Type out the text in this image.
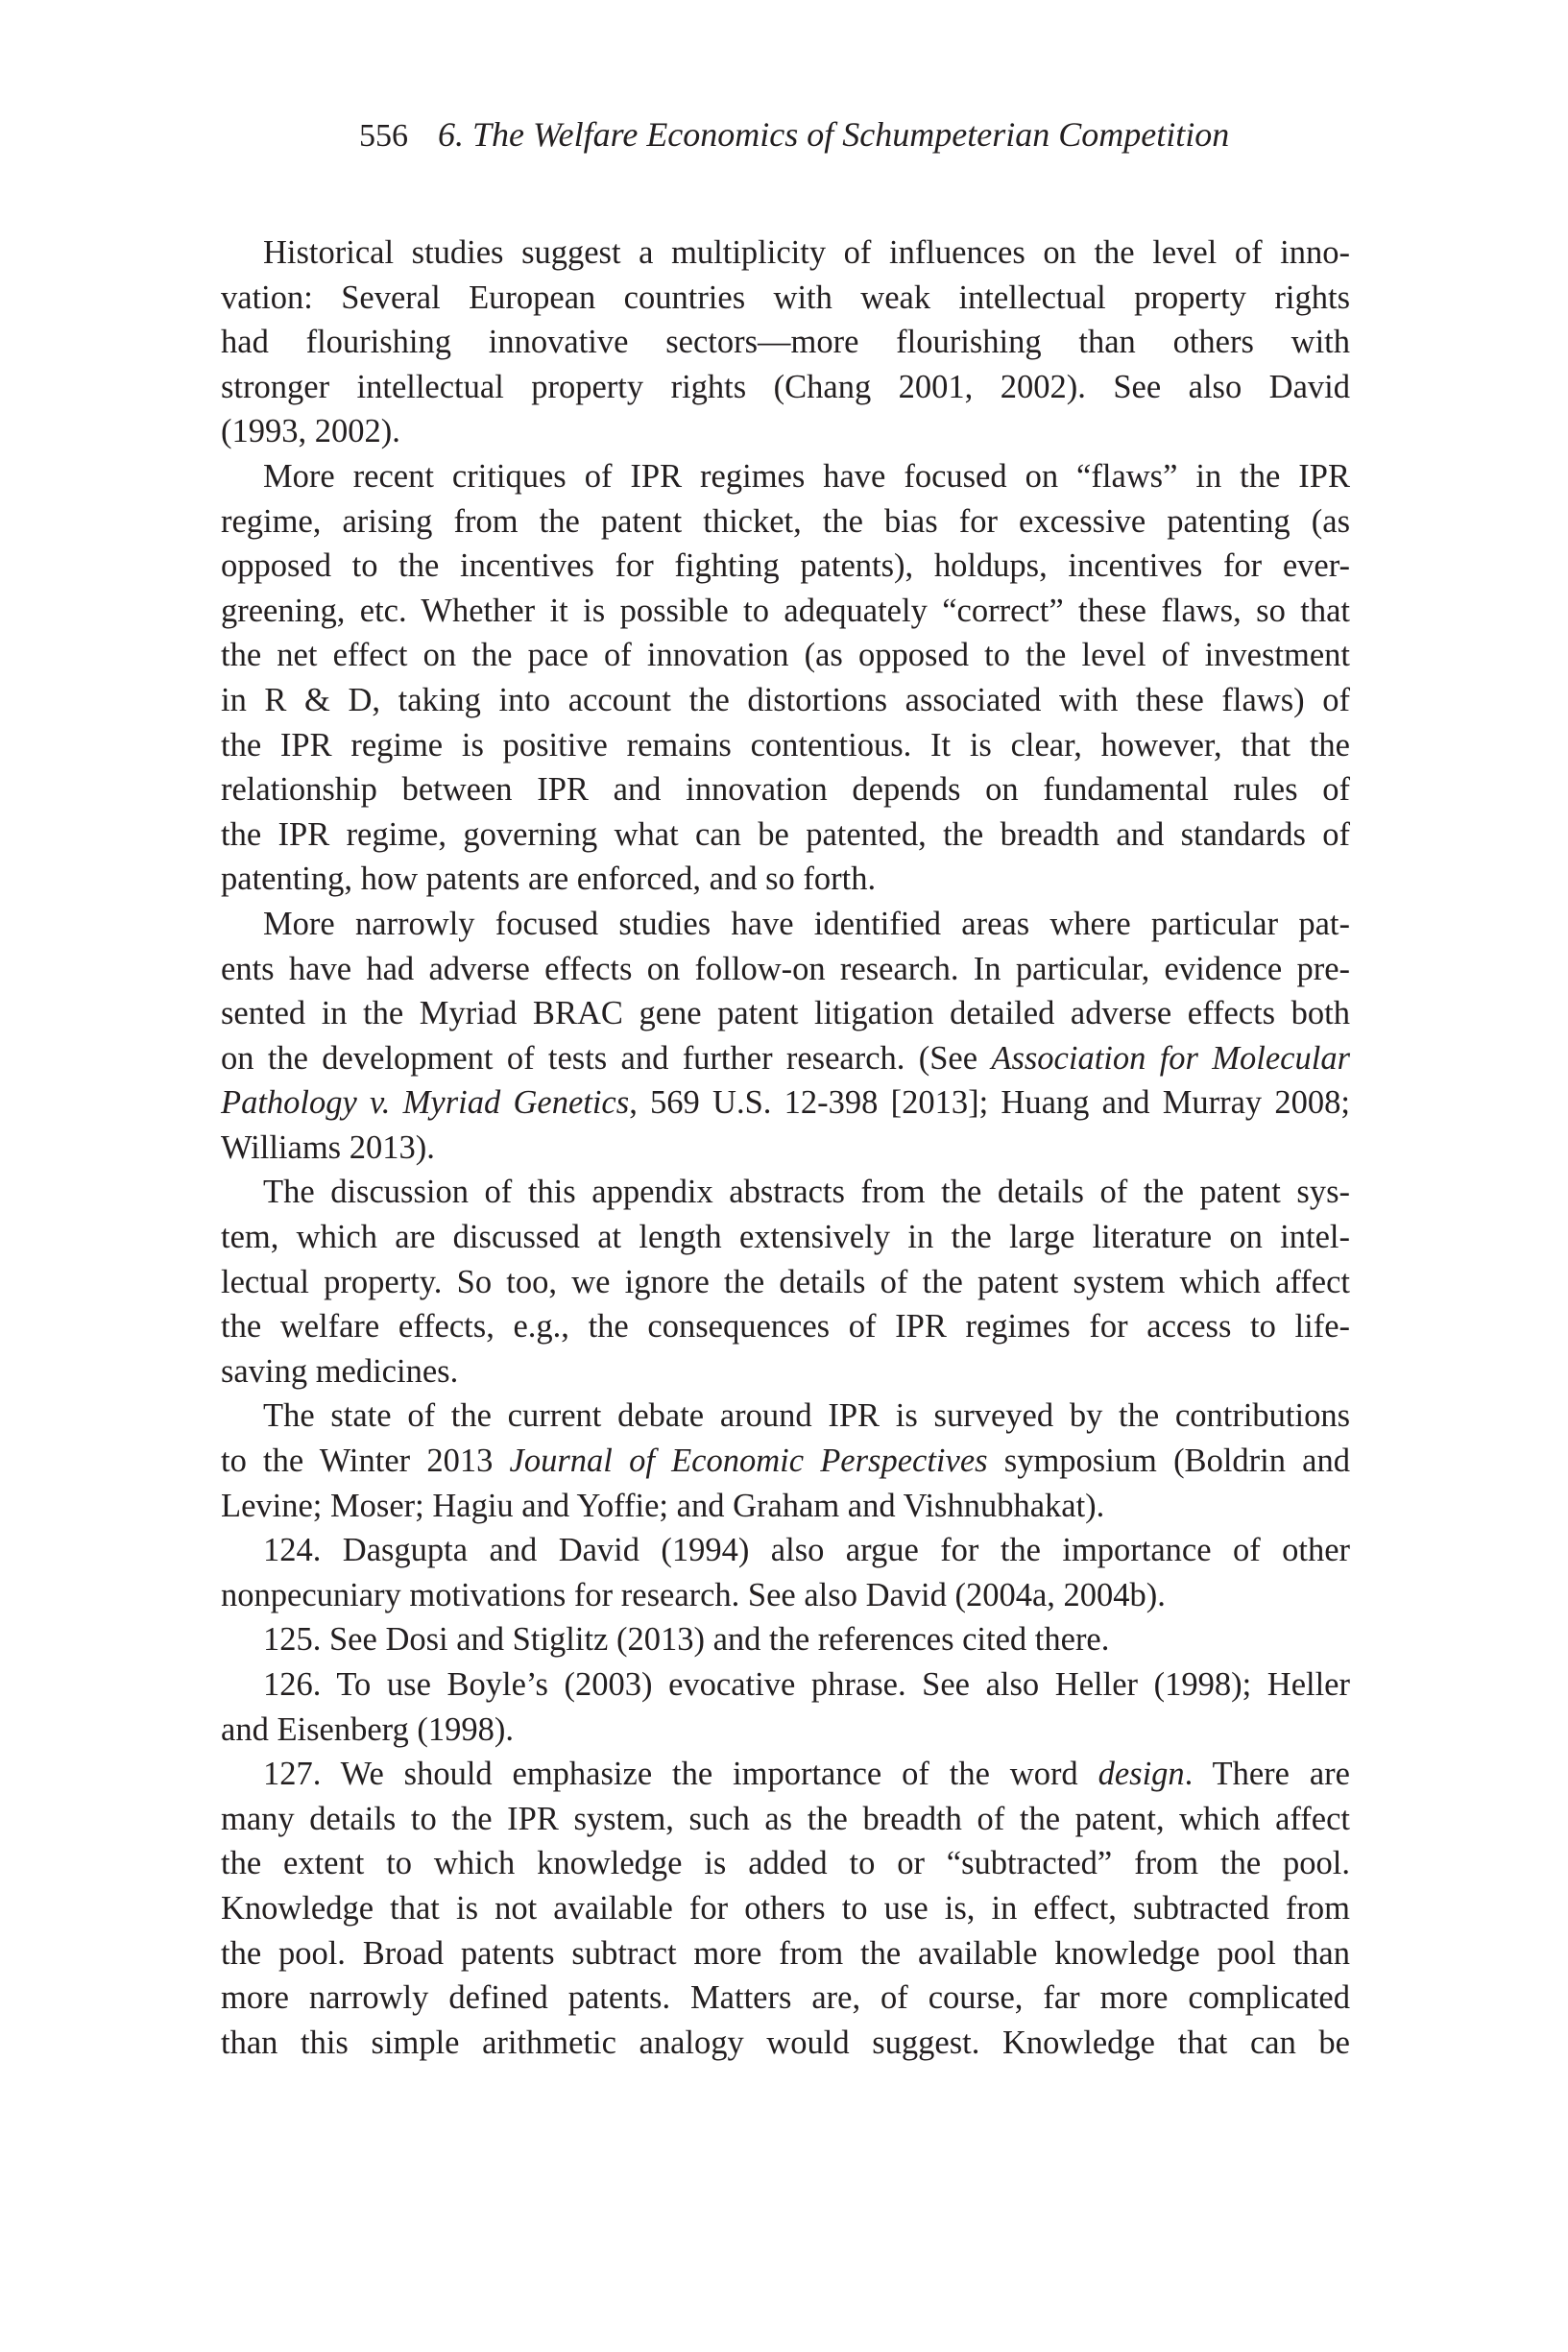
556 6. The Welfare Economics of Schumpeterian Competition

Historical studies suggest a multiplicity of influences on the level of inno-
vation: Several European countries with weak intellectual property rights
had flourishing innovative sectors—more flourishing than others with
stronger intellectual property rights (Chang 2001, 2002). See also David
(1993, 2002).

More recent critiques of IPR regimes have focused on “flaws” in the IPR
regime, arising from the patent thicket, the bias for excessive patenting (as
opposed to the incentives for fighting patents), holdups, incentives for ever-
greening, etc. Whether it is possible to adequately “correct” these flaws, so that
the net effect on the pace of innovation (as opposed to the level of investment
in R & D, taking into account the distortions associated with these flaws) of
the IPR regime is positive remains contentious. It is clear, however, that the
relationship between IPR and innovation depends on fundamental rules of
the IPR regime, governing what can be patented, the breadth and standards of
patenting, how patents are enforced, and so forth.

More narrowly focused studies have identified areas where particular pat-
ents have had adverse effects on follow-on research. In particular, evidence pre-
sented in the Myriad BRAC gene patent litigation detailed adverse effects both
on the development of tests and further research. (See Association for Molecular
Pathology v. Myriad Genetics, 569 U.S. 12-398 [2013]; Huang and Murray 2008;
Williams 2013).

The discussion of this appendix abstracts from the details of the patent sys-
tem, which are discussed at length extensively in the large literature on intel-
lectual property. So too, we ignore the details of the patent system which affect
the welfare effects, e.g., the consequences of IPR regimes for access to life-
saving medicines.

The state of the current debate around IPR is surveyed by the contributions
to the Winter 2013 Journal of Economic Perspectives symposium (Boldrin and
Levine; Moser; Hagiu and Yoffie; and Graham and Vishnubhakat).

124. Dasgupta and David (1994) also argue for the importance of other
nonpecuniary motivations for research. See also David (2004a, 2004b).

125. See Dosi and Stiglitz (2013) and the references cited there.

126. To use Boyle’s (2003) evocative phrase. See also Heller (1998); Heller
and Eisenberg (1998).

127. We should emphasize the importance of the word design. There are
many details to the IPR system, such as the breadth of the patent, which affect
the extent to which knowledge is added to or “subtracted” from the pool.
Knowledge that is not available for others to use is, in effect, subtracted from
the pool. Broad patents subtract more from the available knowledge pool than
more narrowly defined patents. Matters are, of course, far more complicated
than this simple arithmetic analogy would suggest. Knowledge that can be
